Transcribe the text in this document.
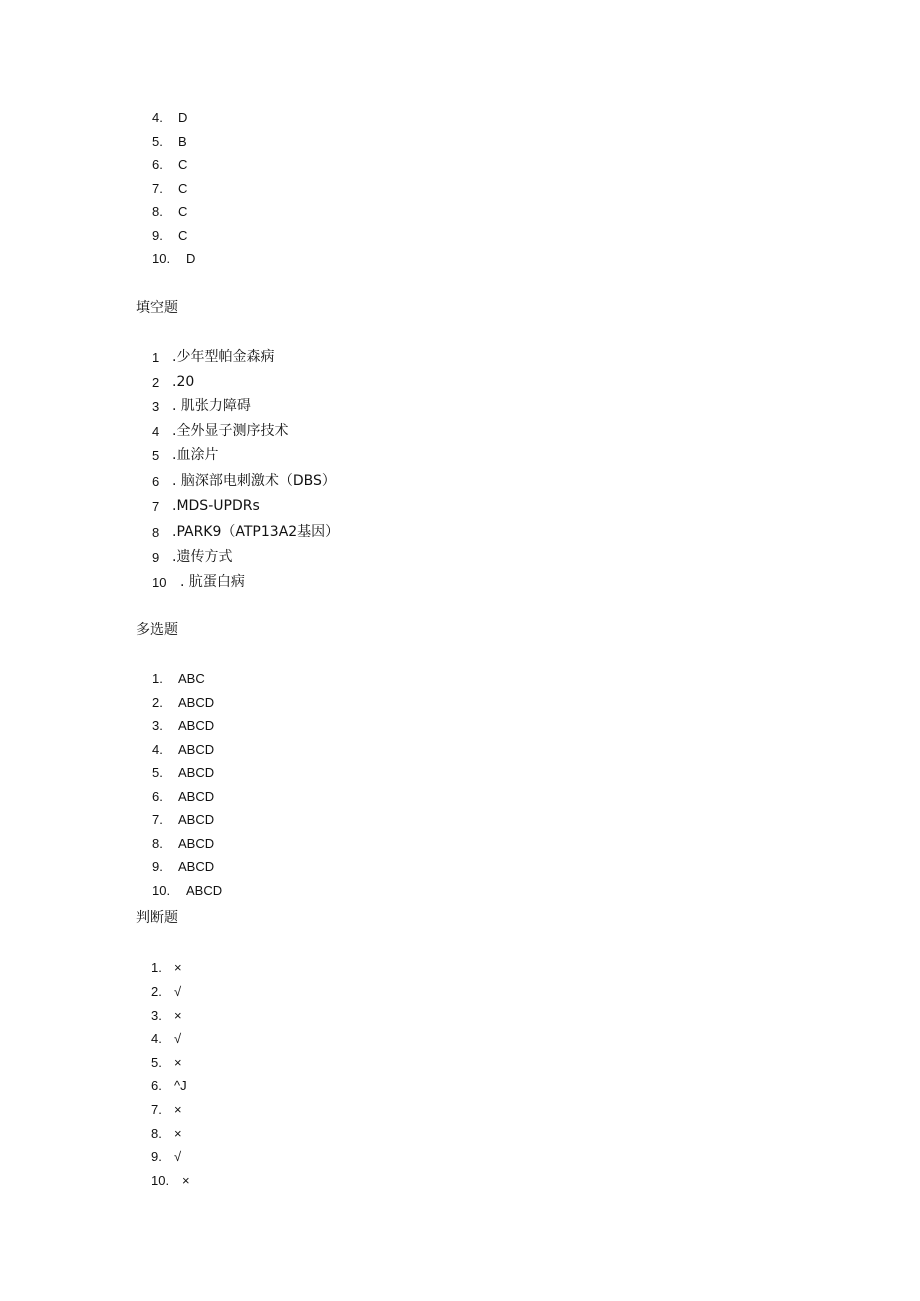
4. D
5. B
6. C
7. C
8. C
9. C
10. D
填空题
1 .少年型帕金森病
2 .20
3 . 肌张力障碍
4 .全外显子测序技术
5 .血涂片
6 . 脑深部电刺激术（DBS）
7 .MDS-UPDRs
8 .PARK9（ATP13A2基因）
9 .遗传方式
10 . 肮蛋白病
多选题
1. ABC
2. ABCD
3. ABCD
4. ABCD
5. ABCD
6. ABCD
7. ABCD
8. ABCD
9. ABCD
10. ABCD
判断题
1. ×
2. √
3. ×
4. √
5. ×
6. ^J
7. ×
8. ×
9. √
10. ×
